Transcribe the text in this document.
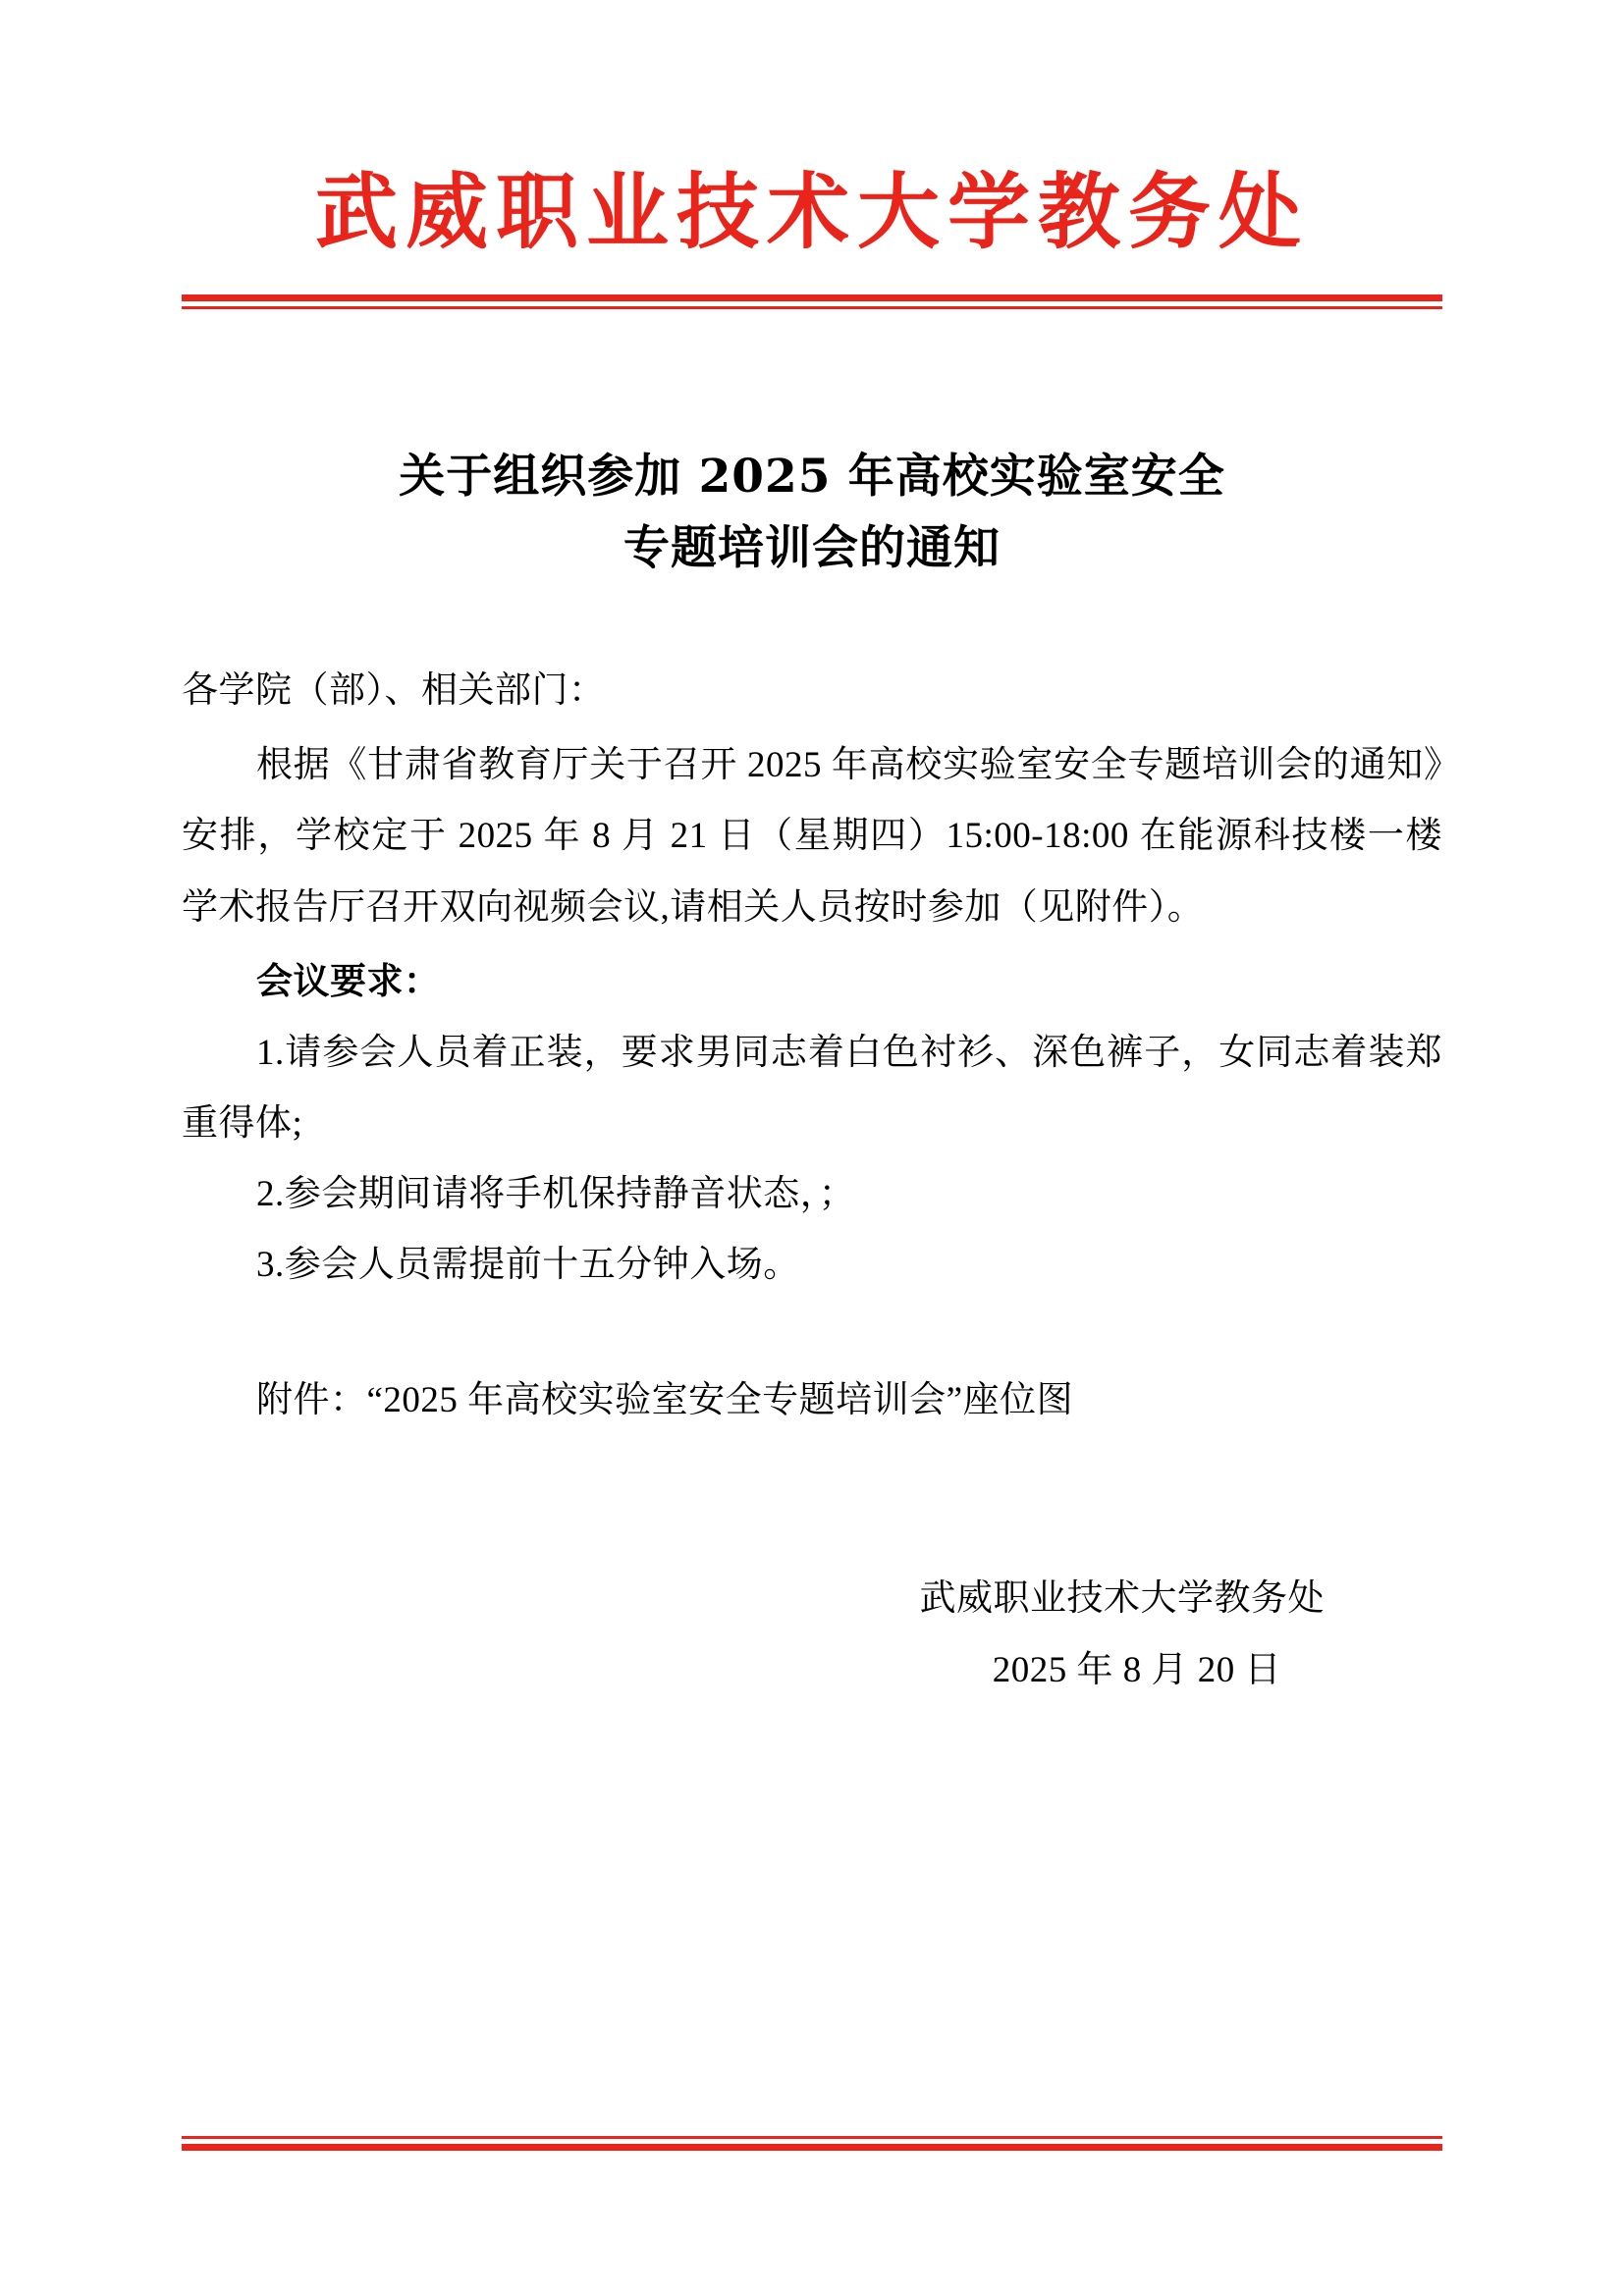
武威职业技术大学教务处
关于组织参加 2025 年高校实验室安全
专题培训会的通知

各学院（部）、相关部门：

根据《甘肃省教育厅关于召开 2025 年高校实验室安全专题培训会的通知》安排，学校定于 2025 年 8 月 21 日（星期四）15:00-18:00 在能源科技楼一楼学术报告厅召开双向视频会议,请相关人员按时参加（见附件）。

会议要求：

1.请参会人员着正装，要求男同志着白色衬衫、深色裤子，女同志着装郑重得体;

2.参会期间请将手机保持静音状态，；

3.参会人员需提前十五分钟入场。

附件：“2025 年高校实验室安全专题培训会”座位图

武威职业技术大学教务处
2025 年 8 月 20 日
